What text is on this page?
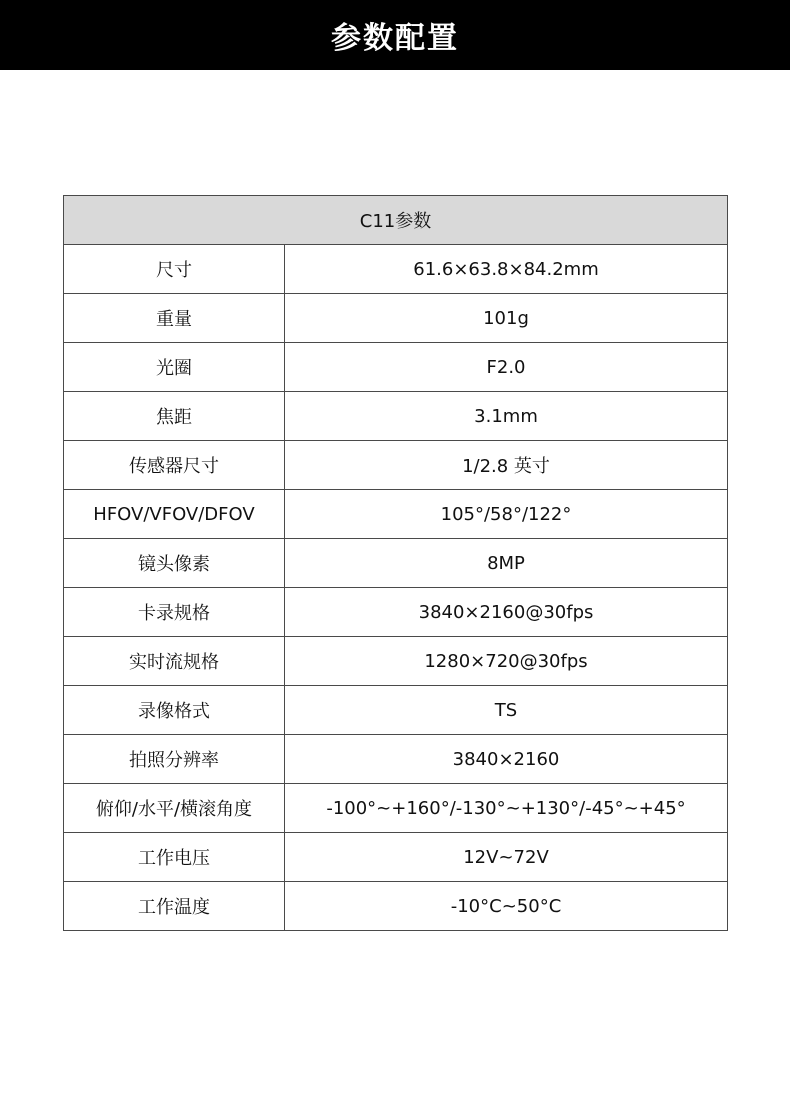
参数配置
C11参数	
尺寸	61.6×63.8×84.2mm
重量	101g
光圈	F2.0
焦距	3.1mm
传感器尺寸	1/2.8 英寸
HFOV/VFOV/DFOV	105°/58°/122°
镜头像素	8MP
卡录规格	3840×2160@30fps
实时流规格	1280×720@30fps
录像格式	TS
拍照分辨率	3840×2160
俯仰/水平/横滚角度	-100°~+160°/-130°~+130°/-45°~+45°
工作电压	12V~72V
工作温度	-10°C~50°C
